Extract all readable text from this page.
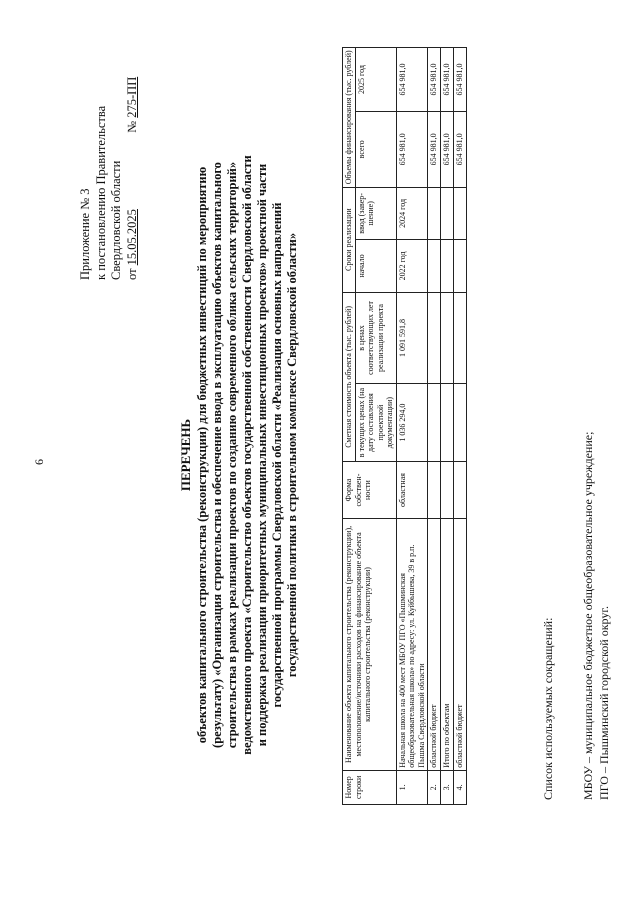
6
Приложение № 3 к постановлению Правительства Свердловской области от 15.05.2025  № 275-ПП
ПЕРЕЧЕНЬ объектов капитального строительства (реконструкции) для бюджетных инвестиций по мероприятию (результату) «Организация строительства и обеспечение ввода в эксплуатацию объектов капитального строительства в рамках реализации проектов по созданию современного облика сельских территорий» ведомственного проекта «Строительство объектов государственной собственности Свердловской области и поддержка реализации приоритетных муниципальных инвестиционных проектов» проектной части государственной программы Свердловской области «Реализация основных направлений государственной политики в строительном комплексе Свердловской области»
Номер строки	Наименование объекта капитального строительства (реконструкции), местоположение/источники расходов на финансирование объекта капитального строительства (реконструкции)	Форма собствен-ности	Сметная стоимость объекта (тыс. рублей)		Сроки реализации		Объемы финансирования (тыс. рублей)	
			в текущих ценах (на дату составления проектной документации)	в ценах соответствующих лет реализации проекта	начало	ввод (завер-шение)	всего	2025 год
1.	Начальная школа на 400 мест МБОУ ПГО «Пышминская общеобразовательная школа» по адресу: ул. Куйбышева, 39 в р.п. Пышма Свердловской области	областная	1 036 294,0	1 091 591,8	2022 год	2024 год	654 981,0	654 981,0
2.	областной бюджет						654 981,0	654 981,0
3.	Итого по объектам						654 981,0	654 981,0
4.	областной бюджет						654 981,0	654 981,0
Список используемых сокращений: МБОУ – муниципальное бюджетное общеобразовательное учреждение; ПГО – Пышминский городской округ.
